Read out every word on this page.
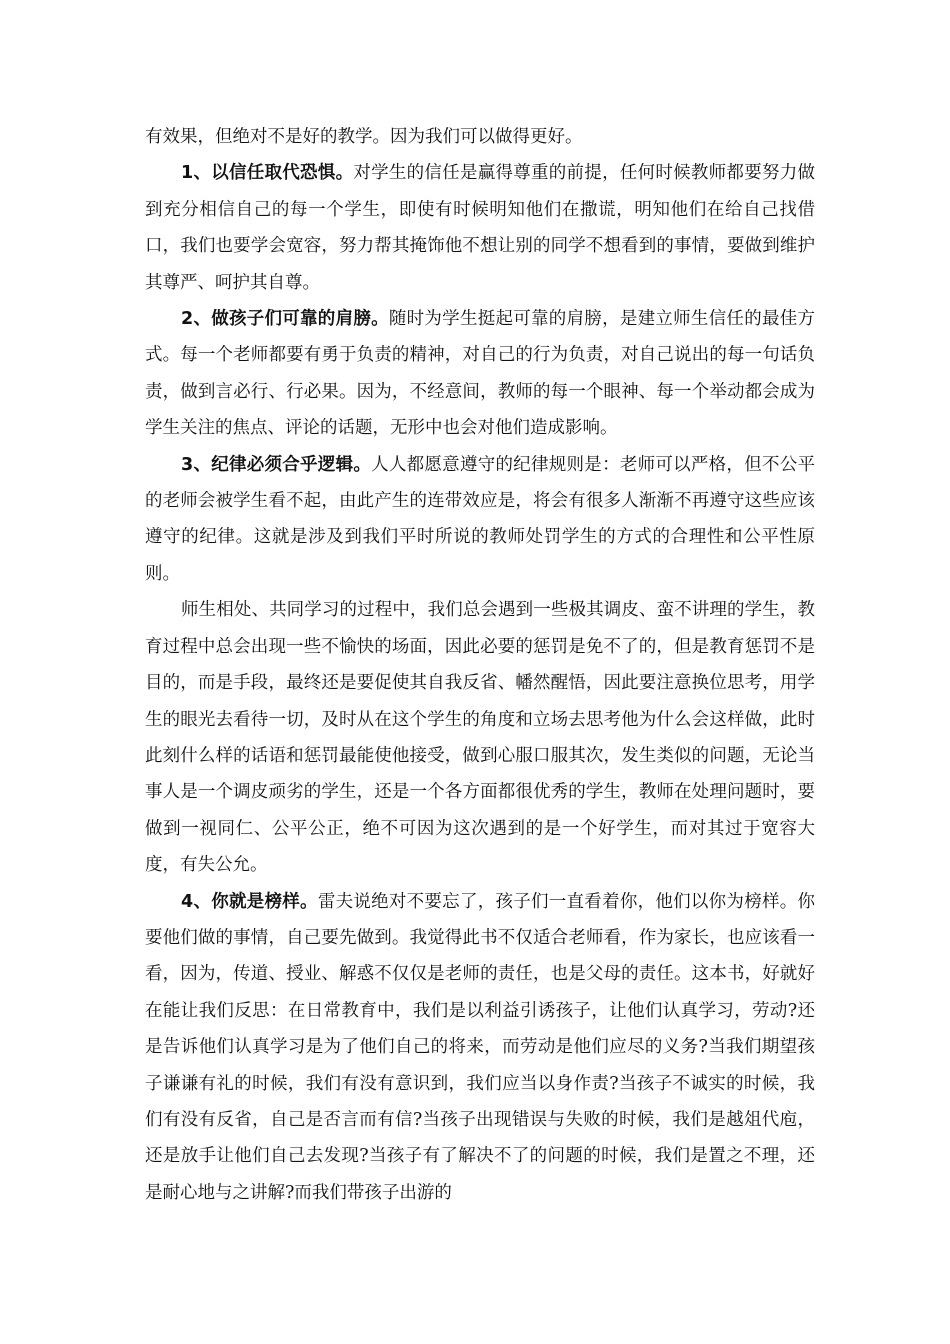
有效果，但绝对不是好的教学。因为我们可以做得更好。

1、以信任取代恐惧。对学生的信任是赢得尊重的前提，任何时候教师都要努力做到充分相信自己的每一个学生，即使有时候明知他们在撒谎，明知他们在给自己找借口，我们也要学会宽容，努力帮其掩饰他不想让别的同学不想看到的事情，要做到维护其尊严、呵护其自尊。

2、做孩子们可靠的肩膀。随时为学生挺起可靠的肩膀，是建立师生信任的最佳方式。每一个老师都要有勇于负责的精神，对自己的行为负责，对自己说出的每一句话负责，做到言必行、行必果。因为，不经意间，教师的每一个眼神、每一个举动都会成为学生关注的焦点、评论的话题，无形中也会对他们造成影响。

3、纪律必须合乎逻辑。人人都愿意遵守的纪律规则是：老师可以严格，但不公平的老师会被学生看不起，由此产生的连带效应是，将会有很多人渐渐不再遵守这些应该遵守的纪律。这就是涉及到我们平时所说的教师处罚学生的方式的合理性和公平性原则。

师生相处、共同学习的过程中，我们总会遇到一些极其调皮、蛮不讲理的学生，教育过程中总会出现一些不愉快的场面，因此必要的惩罚是免不了的，但是教育惩罚不是目的，而是手段，最终还是要促使其自我反省、幡然醒悟，因此要注意换位思考，用学生的眼光去看待一切，及时从在这个学生的角度和立场去思考他为什么会这样做，此时此刻什么样的话语和惩罚最能使他接受，做到心服口服其次，发生类似的问题，无论当事人是一个调皮顽劣的学生，还是一个各方面都很优秀的学生，教师在处理问题时，要做到一视同仁、公平公正，绝不可因为这次遇到的是一个好学生，而对其过于宽容大度，有失公允。

4、你就是榜样。雷夫说绝对不要忘了，孩子们一直看着你，他们以你为榜样。你要他们做的事情，自己要先做到。我觉得此书不仅适合老师看，作为家长，也应该看一看，因为，传道、授业、解惑不仅仅是老师的责任，也是父母的责任。这本书，好就好在能让我们反思：在日常教育中，我们是以利益引诱孩子，让他们认真学习，劳动?还是告诉他们认真学习是为了他们自己的将来，而劳动是他们应尽的义务?当我们期望孩子谦谦有礼的时候，我们有没有意识到，我们应当以身作责?当孩子不诚实的时候，我们有没有反省，自己是否言而有信?当孩子出现错误与失败的时候，我们是越俎代庖，还是放手让他们自己去发现?当孩子有了解决不了的问题的时候，我们是置之不理，还是耐心地与之讲解?而我们带孩子出游的
